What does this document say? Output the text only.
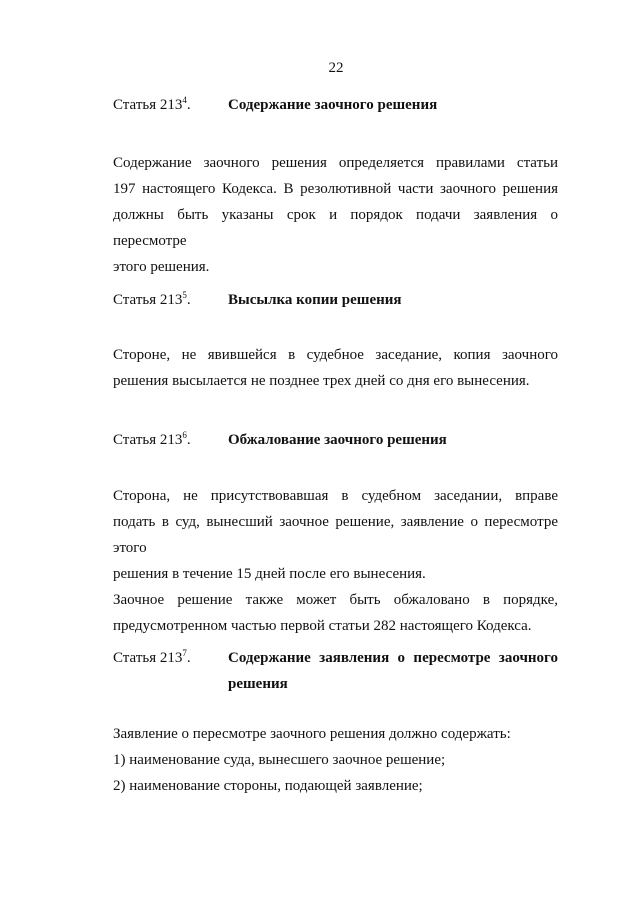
22
Статья $213^4$.	Содержание заочного решения
Содержание заочного решения определяется правилами статьи
197 настоящего Кодекса. В резолютивной части заочного решения
должны быть указаны срок и порядок подачи заявления о пересмотре
этого решения.
Статья $213^5$.	Высылка копии решения
Стороне, не явившейся в судебное заседание, копия заочного
решения высылается не позднее трех дней со дня его вынесения.
Статья $213^6$.	Обжалование заочного решения
Сторона, не присутствовавшая в судебном заседании, вправе
подать в суд, вынесший заочное решение, заявление о пересмотре этого
решения в течение 15 дней после его вынесения.
Заочное решение также может быть обжаловано в порядке,
предусмотренном частью первой статьи 282 настоящего Кодекса.
Статья $213^7$.	Содержание заявления о пересмотре заочного
решения
Заявление о пересмотре заочного решения должно содержать:
1) наименование суда, вынесшего заочное решение;
2) наименование стороны, подающей заявление;
